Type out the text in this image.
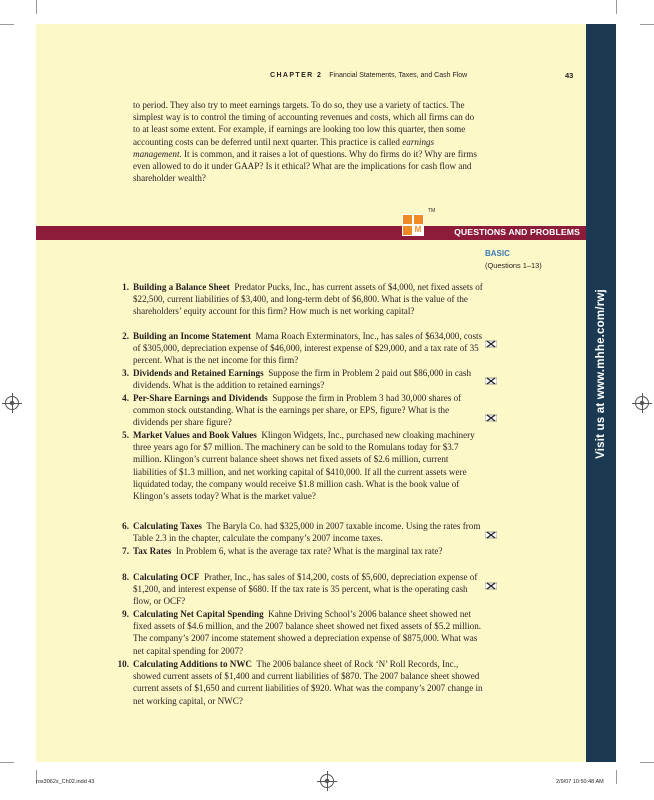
Visit us at www.mhhe.com/rwj
CHAPTER 2 Financial Statements, Taxes, and Cash Flow	43

to period. They also try to meet earnings targets. To do so, they use a variety of tactics. The simplest way is to control the timing of accounting revenues and costs, which all firms can do to at least some extent. For example, if earnings are looking too low this quarter, then some accounting costs can be deferred until next quarter. This practice is called earnings management. It is common, and it raises a lot of questions. Why do firms do it? Why are firms even allowed to do it under GAAP? Is it ethical? What are the implications for cash flow and shareholder wealth?

QUESTIONS AND PROBLEMS
M
TM
BASIC
(Questions 1–13)
1. Building a Balance Sheet Predator Pucks, Inc., has current assets of $4,000, net fixed assets of $22,500, current liabilities of $3,400, and long-term debt of $6,800. What is the value of the shareholders’ equity account for this firm? How much is net working capital?
2. Building an Income Statement Mama Roach Exterminators, Inc., has sales of $634,000, costs of $305,000, depreciation expense of $46,000, interest expense of $29,000, and a tax rate of 35 percent. What is the net income for this firm?
3. Dividends and Retained Earnings Suppose the firm in Problem 2 paid out $86,000 in cash dividends. What is the addition to retained earnings?
4. Per-Share Earnings and Dividends Suppose the firm in Problem 3 had 30,000 shares of common stock outstanding. What is the earnings per share, or EPS, figure? What is the dividends per share figure?
5. Market Values and Book Values Klingon Widgets, Inc., purchased new cloaking machinery three years ago for $7 million. The machinery can be sold to the Romulans today for $3.7 million. Klingon’s current balance sheet shows net fixed assets of $2.6 million, current liabilities of $1.3 million, and net working capital of $410,000. If all the current assets were liquidated today, the company would receive $1.8 million cash. What is the book value of Klingon’s assets today? What is the market value?
6. Calculating Taxes The Baryla Co. had $325,000 in 2007 taxable income. Using the rates from Table 2.3 in the chapter, calculate the company’s 2007 income taxes.
7. Tax Rates In Problem 6, what is the average tax rate? What is the marginal tax rate?
8. Calculating OCF Prather, Inc., has sales of $14,200, costs of $5,600, depreciation expense of $1,200, and interest expense of $680. If the tax rate is 35 percent, what is the operating cash flow, or OCF?
9. Calculating Net Capital Spending Kahne Driving School’s 2006 balance sheet showed net fixed assets of $4.6 million, and the 2007 balance sheet showed net fixed assets of $5.2 million. The company’s 2007 income statement showed a depreciation expense of $875,000. What was net capital spending for 2007?
10. Calculating Additions to NWC The 2006 balance sheet of Rock ‘N’ Roll Records, Inc., showed current assets of $1,400 and current liabilities of $870. The 2007 balance sheet showed current assets of $1,650 and current liabilities of $920. What was the company’s 2007 change in net working capital, or NWC?
ros3062x_Ch02.indd 43	2/9/07 10:50:48 AM
